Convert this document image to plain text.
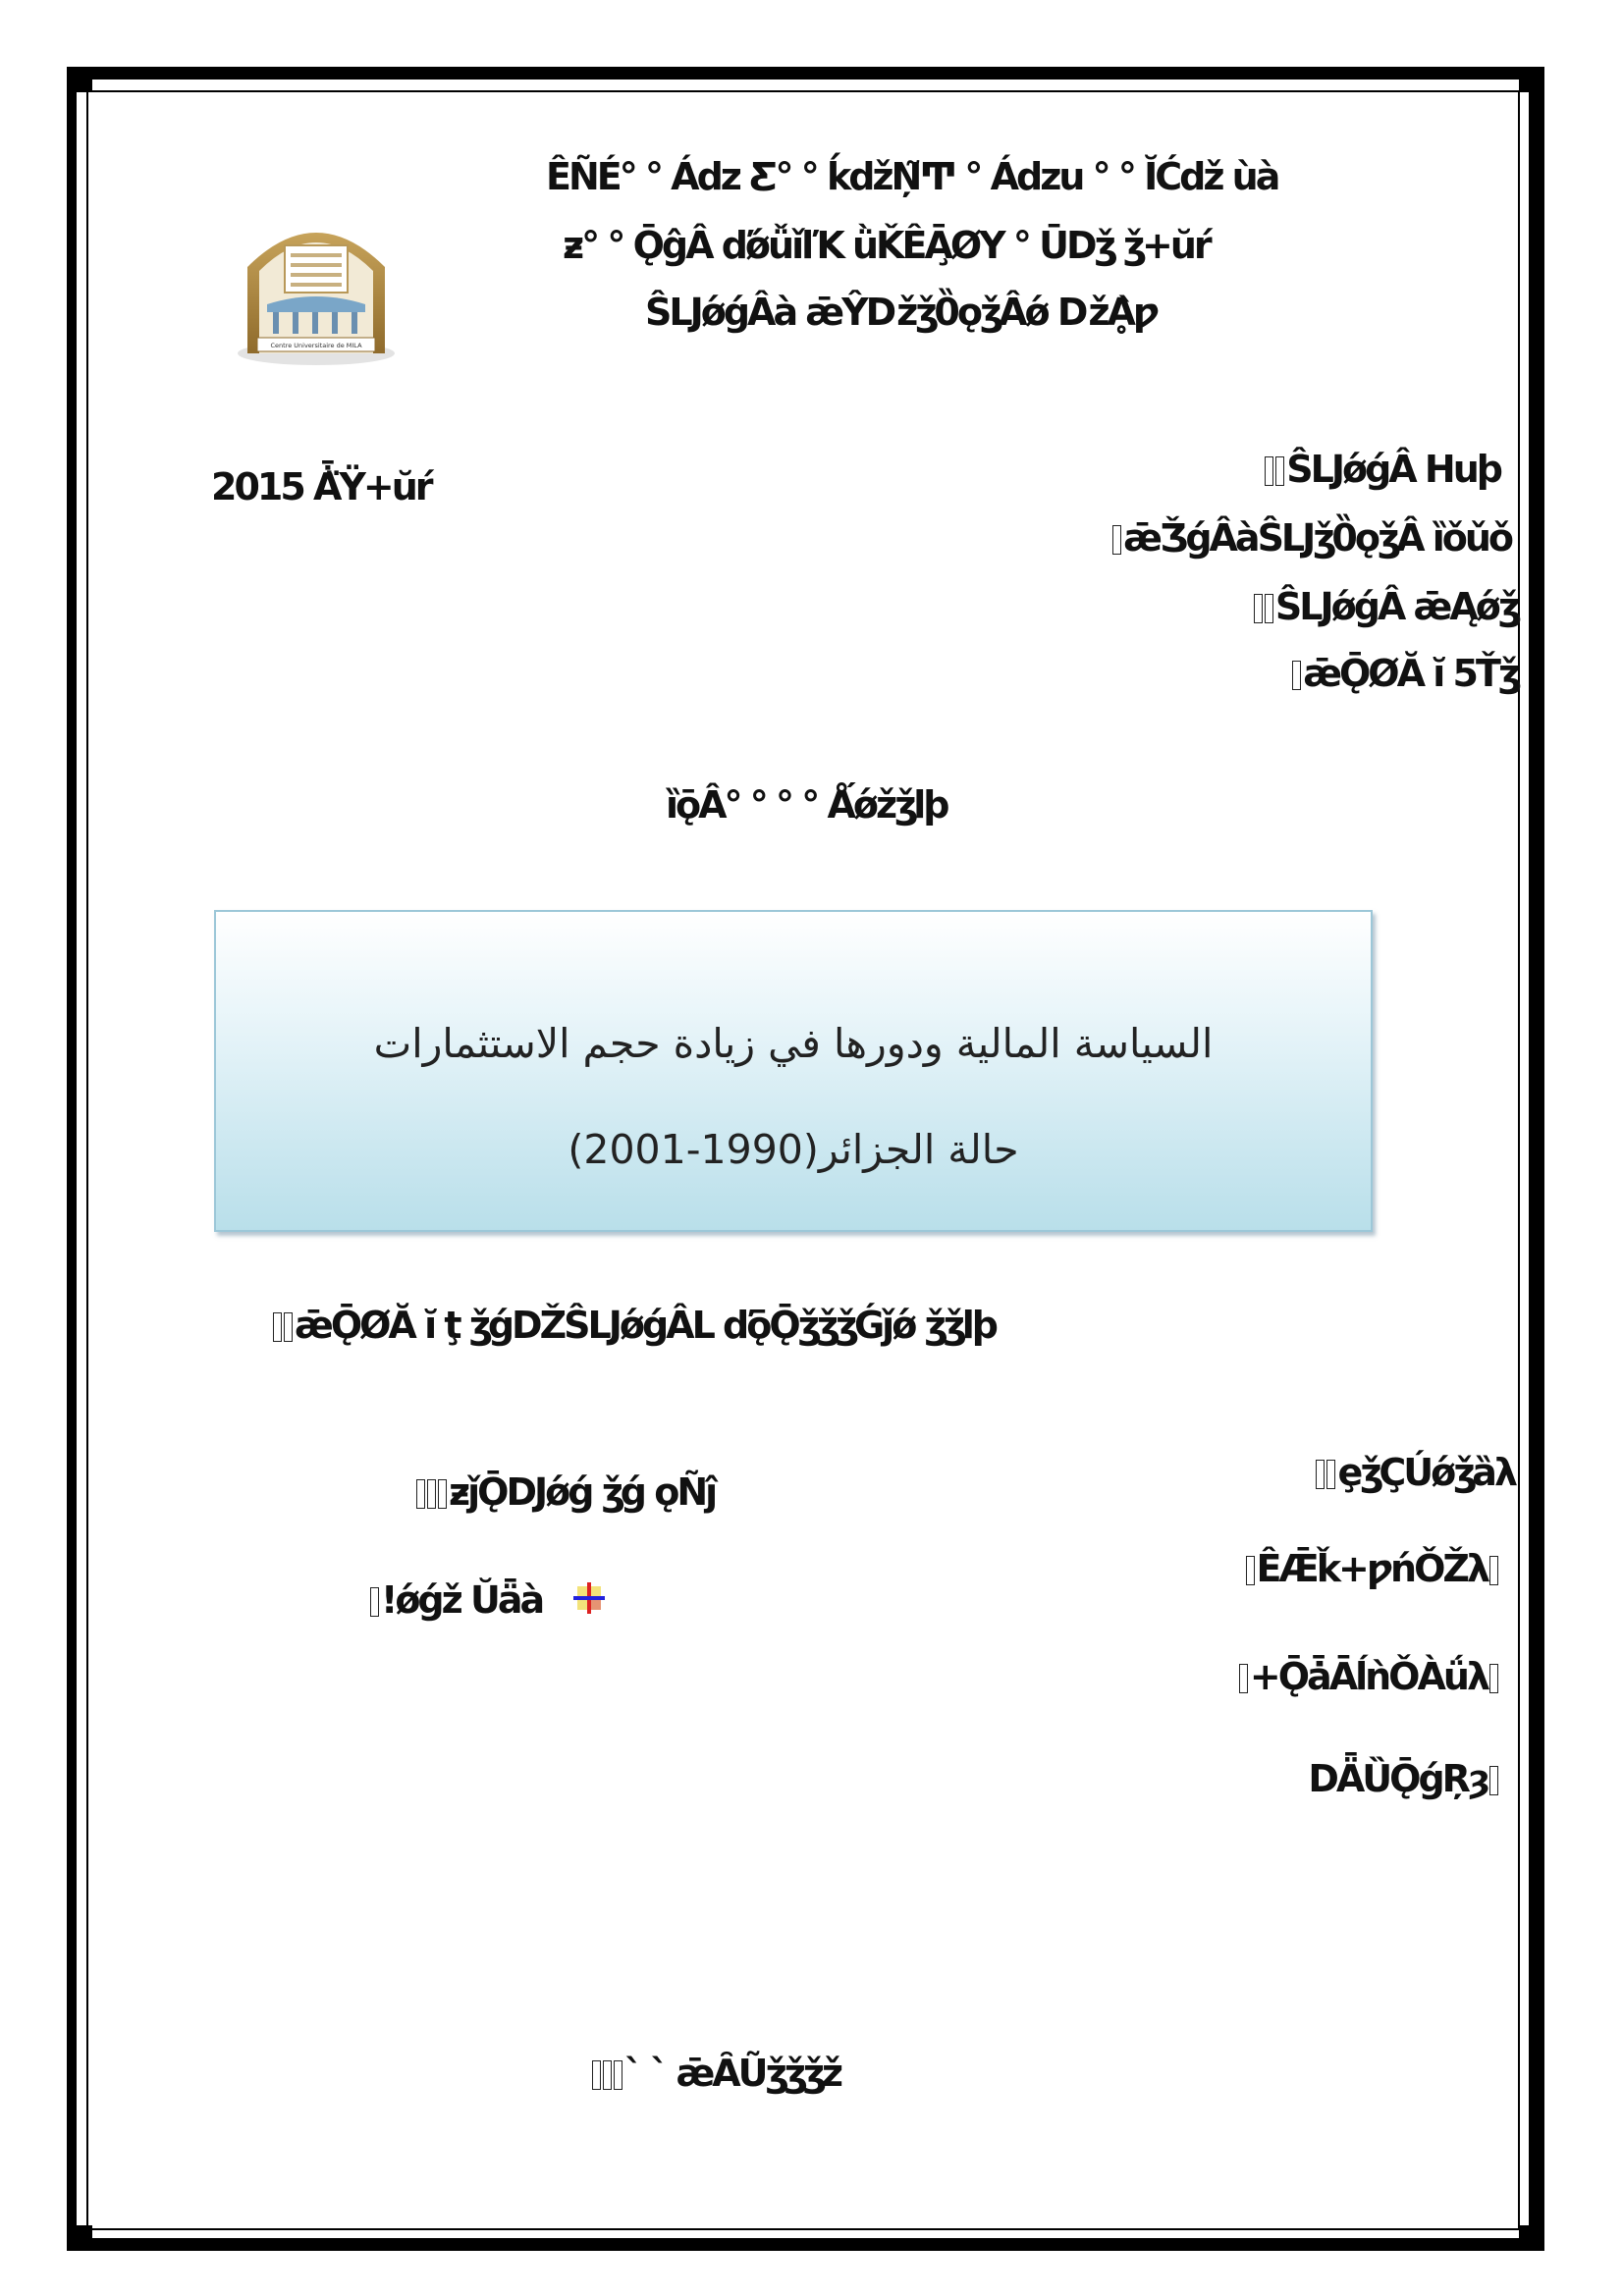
Centre Universitaire de MILA
ÊÑÉ° ° Ádz Ƹ° ° ḱdžŅ͂Ͳ ° Ádzu ° ° ĬĆdž ùà
ƶ° ° ǬĝÂ ďǿǚǐľK ǜǨÊĀ̧ØΥ ° ŪDǯ ǯ+ŭŕ
Ŝ̀LJǿǵÂà ǣŶǅǯ0̏ǫǯÂǿ ǅḀ̀ƿ
2015 Ǡ̈Ÿ+ŭŕ	Ŝ̀LJǿǵÂ Huþ
ǣǮǵÂàŜ̀LJǯ0̏ǫǯÂ ȉǒǔǒ
Ŝ̀LJǿǵÂ ǣĄǿǯ
ǣǬØĂ ĭ 5Ťǯ
ȉǭÂ° ° ° ° Ǻǿžǯlþ
السياسة المالية ودورها في زيادة حجم الاستثمارات
حالة الجزائر(1990-2001)
ǣǬØĂ ĭ ţ ǯǵDŽŜ̀LJǿǵÂL ďǭǬǯǯǯǴǰǿ ǯǯlþ
ȩǯÇÚǿǯȁλ
ƶǰǬDJǿǵ ǯǵ ǫÑĵ
!ǿǵž Ŭǟà
ÊǢǩ+ƿńǑŽλ
+ǬǡĀĺǹǑÀǘλ
DǞȔǬǵŖȝ
` ` ǣȂŨǯǯǯž
